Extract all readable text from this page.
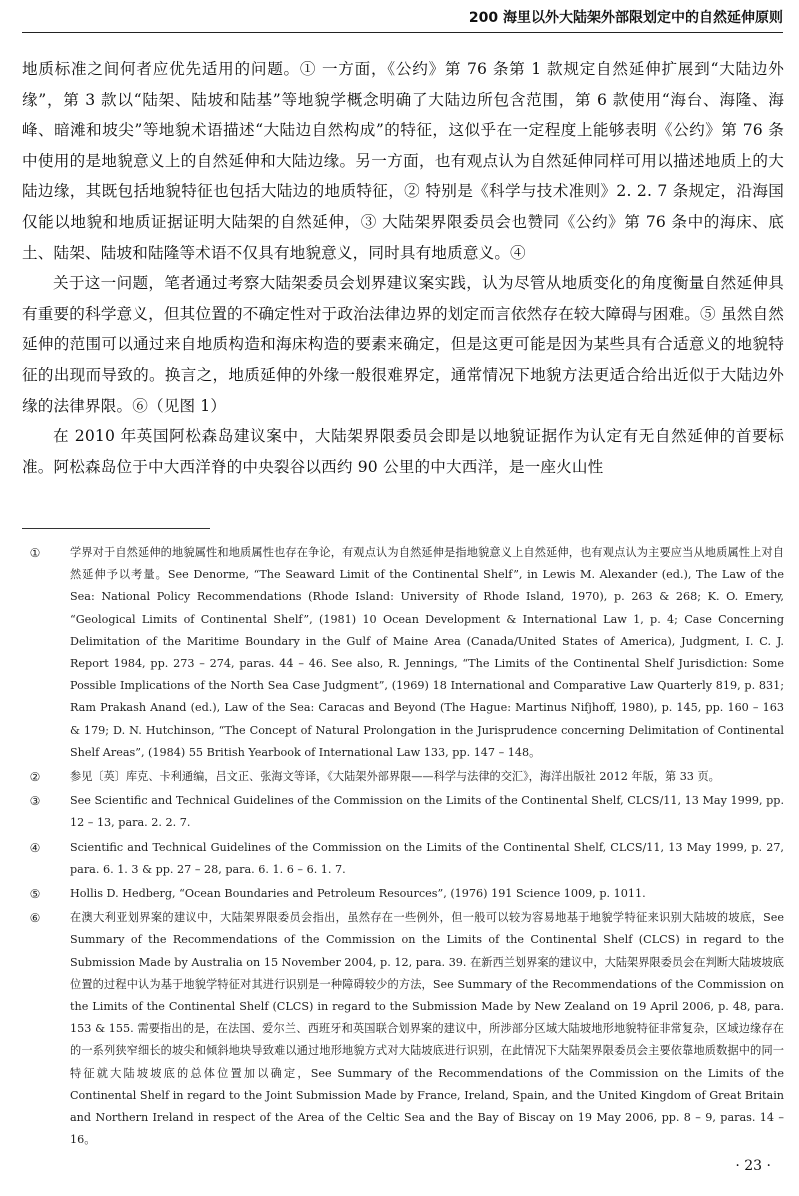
200 海里以外大陆架外部限划定中的自然延伸原则

地质标准之间何者应优先适用的问题。① 一方面，《公约》第 76 条第 1 款规定自然延伸扩展到“大陆边外缘”，第 3 款以“陆架、陆坡和陆基”等地貌学概念明确了大陆边所包含范围，第 6 款使用“海台、海隆、海峰、暗滩和坡尖”等地貌术语描述“大陆边自然构成”的特征，这似乎在一定程度上能够表明《公约》第 76 条中使用的是地貌意义上的自然延伸和大陆边缘。另一方面，也有观点认为自然延伸同样可用以描述地质上的大陆边缘，其既包括地貌特征也包括大陆边的地质特征，② 特别是《科学与技术准则》2. 2. 7 条规定，沿海国仅能以地貌和地质证据证明大陆架的自然延伸，③ 大陆架界限委员会也赞同《公约》第 76 条中的海床、底土、陆架、陆坡和陆隆等术语不仅具有地貌意义，同时具有地质意义。④

关于这一问题，笔者通过考察大陆架委员会划界建议案实践，认为尽管从地质变化的角度衡量自然延伸具有重要的科学意义，但其位置的不确定性对于政治法律边界的划定而言依然存在较大障碍与困难。⑤ 虽然自然延伸的范围可以通过来自地质构造和海床构造的要素来确定，但是这更可能是因为某些具有合适意义的地貌特征的出现而导致的。换言之，地质延伸的外缘一般很难界定，通常情况下地貌方法更适合给出近似于大陆边外缘的法律界限。⑥（见图 1）

在 2010 年英国阿松森岛建议案中，大陆架界限委员会即是以地貌证据作为认定有无自然延伸的首要标准。阿松森岛位于中大西洋脊的中央裂谷以西约 90 公里的中大西洋，是一座火山性

①	学界对于自然延伸的地貌属性和地质属性也存在争论，有观点认为自然延伸是指地貌意义上自然延伸，也有观点认为主要应当从地质属性上对自然延伸予以考量。See Denorme, “The Seaward Limit of the Continental Shelf”, in Lewis M. Alexander (ed.), The Law of the Sea: National Policy Recommendations (Rhode Island: University of Rhode Island, 1970), p. 263 & 268; K. O. Emery, “Geological Limits of Continental Shelf”, (1981) 10 Ocean Development & International Law 1, p. 4; Case Concerning Delimitation of the Maritime Boundary in the Gulf of Maine Area (Canada/United States of America), Judgment, I. C. J. Report 1984, pp. 273 – 274, paras. 44 – 46. See also, R. Jennings, “The Limits of the Continental Shelf Jurisdiction: Some Possible Implications of the North Sea Case Judgment”, (1969) 18 International and Comparative Law Quarterly 819, p. 831; Ram Prakash Anand (ed.), Law of the Sea: Caracas and Beyond (The Hague: Martinus Nifjhoff, 1980), p. 145, pp. 160 – 163 & 179; D. N. Hutchinson, “The Concept of Natural Prolongation in the Jurisprudence concerning Delimitation of Continental Shelf Areas”, (1984) 55 British Yearbook of International Law 133, pp. 147 – 148。
②	参见〔英〕库克、卡利通编，吕文正、张海文等译，《大陆架外部界限——科学与法律的交汇》，海洋出版社 2012 年版，第 33 页。
③	See Scientific and Technical Guidelines of the Commission on the Limits of the Continental Shelf, CLCS/11, 13 May 1999, pp. 12 – 13, para. 2. 2. 7.
④	Scientific and Technical Guidelines of the Commission on the Limits of the Continental Shelf, CLCS/11, 13 May 1999, p. 27, para. 6. 1. 3 & pp. 27 – 28, para. 6. 1. 6 – 6. 1. 7.
⑤	Hollis D. Hedberg, “Ocean Boundaries and Petroleum Resources”, (1976) 191 Science 1009, p. 1011.
⑥	在澳大利亚划界案的建议中，大陆架界限委员会指出，虽然存在一些例外，但一般可以较为容易地基于地貌学特征来识别大陆坡的坡底，See Summary of the Recommendations of the Commission on the Limits of the Continental Shelf (CLCS) in regard to the Submission Made by Australia on 15 November 2004, p. 12, para. 39. 在新西兰划界案的建议中，大陆架界限委员会在判断大陆坡坡底位置的过程中认为基于地貌学特征对其进行识别是一种障碍较少的方法，See Summary of the Recommendations of the Commission on the Limits of the Continental Shelf (CLCS) in regard to the Submission Made by New Zealand on 19 April 2006, p. 48, para. 153 & 155. 需要指出的是，在法国、爱尔兰、西班牙和英国联合划界案的建议中，所涉部分区域大陆坡地形地貌特征非常复杂，区域边缘存在的一系列狭窄细长的坡尖和倾斜地块导致难以通过地形地貌方式对大陆坡底进行识别，在此情况下大陆架界限委员会主要依靠地质数据中的同一特征就大陆坡坡底的总体位置加以确定，See Summary of the Recommendations of the Commission on the Limits of the Continental Shelf in regard to the Joint Submission Made by France, Ireland, Spain, and the United Kingdom of Great Britain and Northern Ireland in respect of the Area of the Celtic Sea and the Bay of Biscay on 19 May 2006, pp. 8 – 9, paras. 14 – 16。
· 23 ·
